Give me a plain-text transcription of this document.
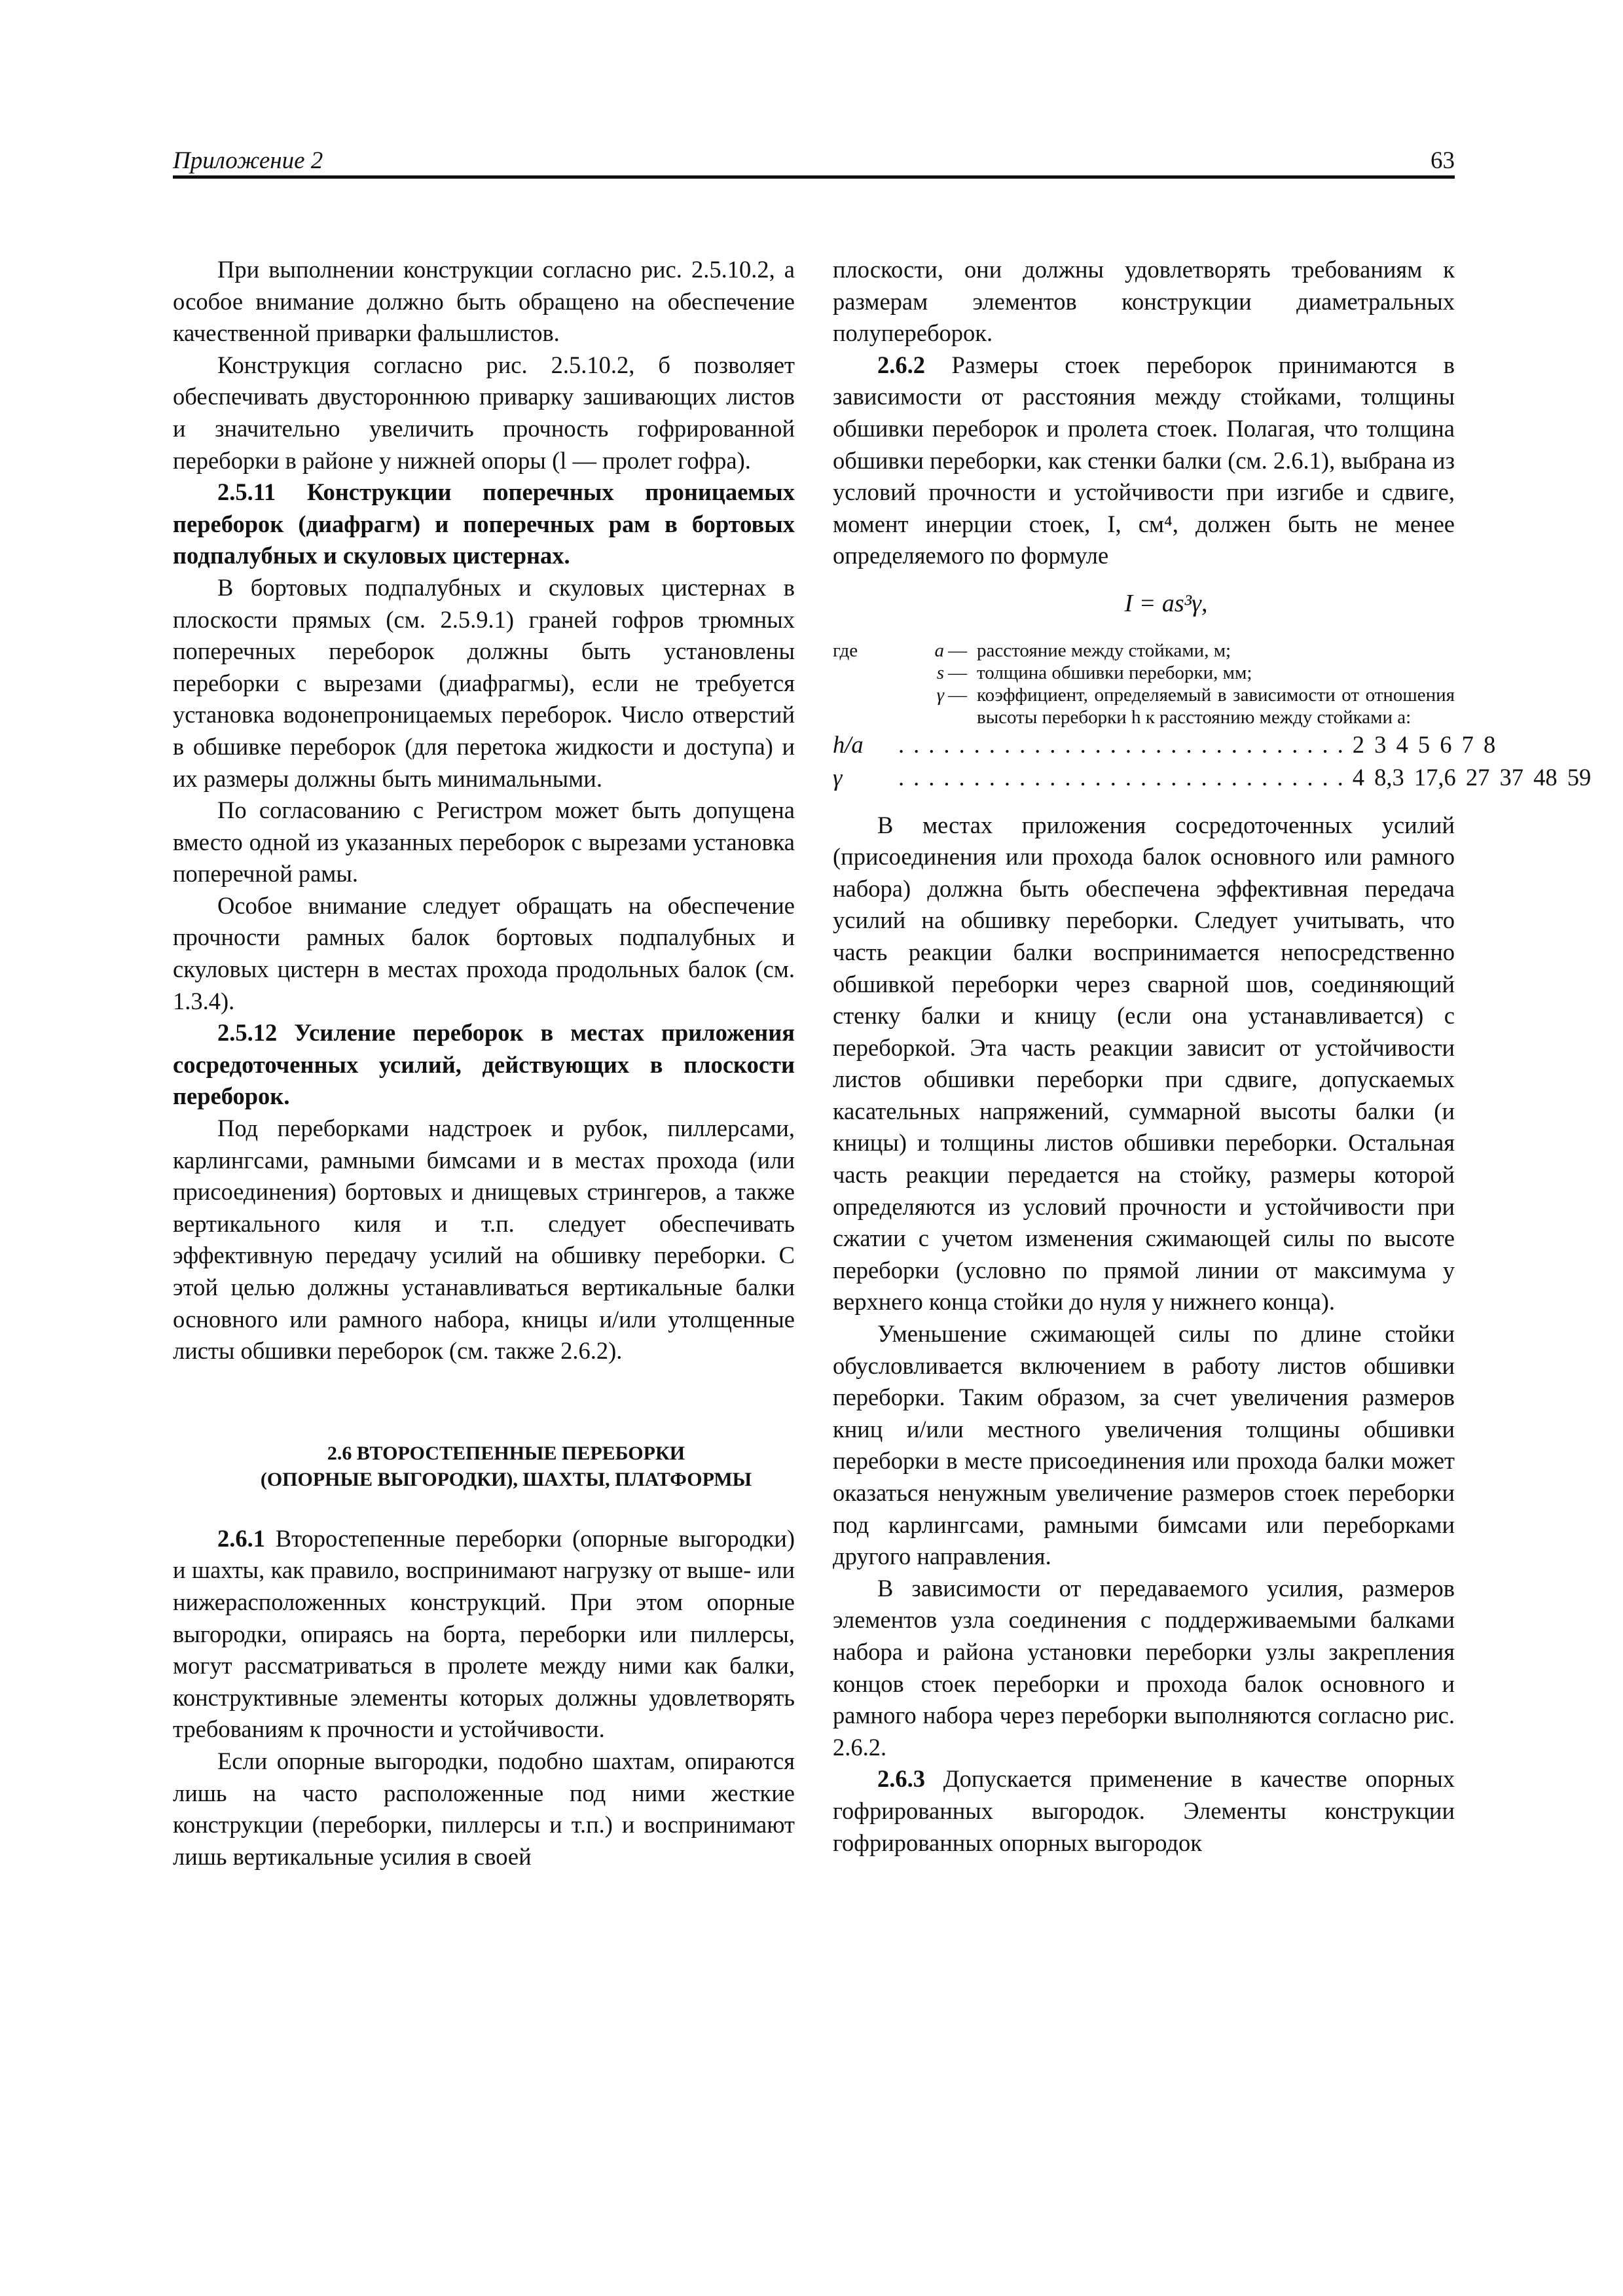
Приложение 2	63

При выполнении конструкции согласно рис. 2.5.10.2, а особое внимание должно быть обращено на обеспечение качественной приварки фальшлистов.

Конструкция согласно рис. 2.5.10.2, б позволяет обеспечивать двустороннюю приварку зашивающих листов и значительно увеличить прочность гофрированной переборки в районе у нижней опоры (l — пролет гофра).

2.5.11 Конструкции поперечных проницаемых переборок (диафрагм) и поперечных рам в бортовых подпалубных и скуловых цистернах.

В бортовых подпалубных и скуловых цистернах в плоскости прямых (см. 2.5.9.1) граней гофров трюмных поперечных переборок должны быть установлены переборки с вырезами (диафрагмы), если не требуется установка водонепроницаемых переборок. Число отверстий в обшивке переборок (для перетока жидкости и доступа) и их размеры должны быть минимальными.

По согласованию с Регистром может быть допущена вместо одной из указанных переборок с вырезами установка поперечной рамы.

Особое внимание следует обращать на обеспечение прочности рамных балок бортовых подпалубных и скуловых цистерн в местах прохода продольных балок (см. 1.3.4).

2.5.12 Усиление переборок в местах приложения сосредоточенных усилий, действующих в плоскости переборок.

Под переборками надстроек и рубок, пиллерсами, карлингсами, рамными бимсами и в местах прохода (или присоединения) бортовых и днищевых стрингеров, а также вертикального киля и т.п. следует обеспечивать эффективную передачу усилий на обшивку переборки. С этой целью должны устанавливаться вертикальные балки основного или рамного набора, кницы и/или утолщенные листы обшивки переборок (см. также 2.6.2).

2.6 ВТОРОСТЕПЕННЫЕ ПЕРЕБОРКИ

(ОПОРНЫЕ ВЫГОРОДКИ), ШАХТЫ, ПЛАТФОРМЫ

2.6.1 Второстепенные переборки (опорные выгородки) и шахты, как правило, воспринимают нагрузку от выше- или нижерасположенных конструкций. При этом опорные выгородки, опираясь на борта, переборки или пиллерсы, могут рассматриваться в пролете между ними как балки, конструктивные элементы которых должны удовлетворять требованиям к прочности и устойчивости.

Если опорные выгородки, подобно шахтам, опираются лишь на часто расположенные под ними жесткие конструкции (переборки, пиллерсы и т.п.) и воспринимают лишь вертикальные усилия в своей

плоскости, они должны удовлетворять требованиям к размерам элементов конструкции диаметральных полупереборок.

2.6.2 Размеры стоек переборок принимаются в зависимости от расстояния между стойками, толщины обшивки переборок и пролета стоек. Полагая, что толщина обшивки переборки, как стенки балки (см. 2.6.1), выбрана из условий прочности и устойчивости при изгибе и сдвиге, момент инерции стоек, I, см⁴, должен быть не менее определяемого по формуле

I = as³γ,

где	a — расстояние между стойками, м;
s — толщина обшивки переборки, мм;
γ — коэффициент, определяемый в зависимости от отношения высоты переборки h к расстоянию между стойками a:
h/a	.............................. 2 3 4 5 6 7 8
γ	.............................. 4 8,3 17,6 27 37 48 59

В местах приложения сосредоточенных усилий (присоединения или прохода балок основного или рамного набора) должна быть обеспечена эффективная передача усилий на обшивку переборки. Следует учитывать, что часть реакции балки воспринимается непосредственно обшивкой переборки через сварной шов, соединяющий стенку балки и кницу (если она устанавливается) с переборкой. Эта часть реакции зависит от устойчивости листов обшивки переборки при сдвиге, допускаемых касательных напряжений, суммарной высоты балки (и кницы) и толщины листов обшивки переборки. Остальная часть реакции передается на стойку, размеры которой определяются из условий прочности и устойчивости при сжатии с учетом изменения сжимающей силы по высоте переборки (условно по прямой линии от максимума у верхнего конца стойки до нуля у нижнего конца).

Уменьшение сжимающей силы по длине стойки обусловливается включением в работу листов обшивки переборки. Таким образом, за счет увеличения размеров книц и/или местного увеличения толщины обшивки переборки в месте присоединения или прохода балки может оказаться ненужным увеличение размеров стоек переборки под карлингсами, рамными бимсами или переборками другого направления.

В зависимости от передаваемого усилия, размеров элементов узла соединения с поддерживаемыми балками набора и района установки переборки узлы закрепления концов стоек переборки и прохода балок основного и рамного набора через переборки выполняются согласно рис. 2.6.2.

2.6.3 Допускается применение в качестве опорных гофрированных выгородок. Элементы конструкции гофрированных опорных выгородок
